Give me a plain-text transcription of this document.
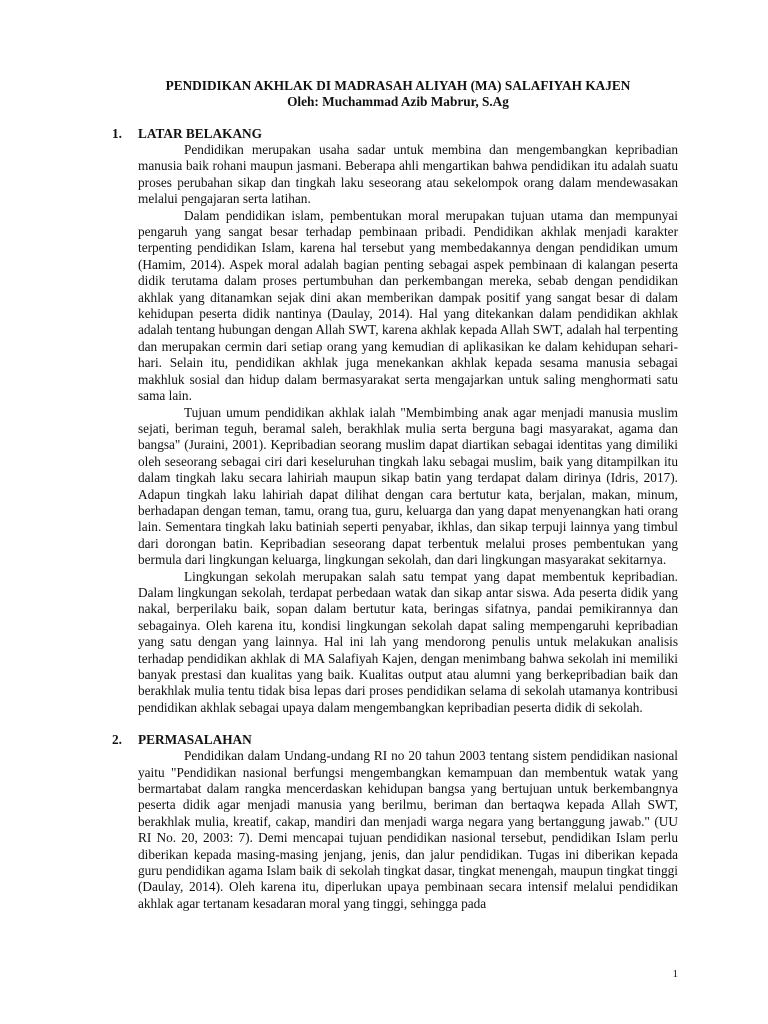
PENDIDIKAN AKHLAK DI MADRASAH ALIYAH (MA) SALAFIYAH KAJEN
Oleh: Muchammad Azib Mabrur, S.Ag
1. LATAR BELAKANG

Pendidikan merupakan usaha sadar untuk membina dan mengembangkan kepribadian manusia baik rohani maupun jasmani. Beberapa ahli mengartikan bahwa pendidikan itu adalah suatu proses perubahan sikap dan tingkah laku seseorang atau sekelompok orang dalam mendewasakan melalui pengajaran serta latihan.

Dalam pendidikan islam, pembentukan moral merupakan tujuan utama dan mempunyai pengaruh yang sangat besar terhadap pembinaan pribadi. Pendidikan akhlak menjadi karakter terpenting pendidikan Islam, karena hal tersebut yang membedakannya dengan pendidikan umum (Hamim, 2014). Aspek moral adalah bagian penting sebagai aspek pembinaan di kalangan peserta didik terutama dalam proses pertumbuhan dan perkembangan mereka, sebab dengan pendidikan akhlak yang ditanamkan sejak dini akan memberikan dampak positif yang sangat besar di dalam kehidupan peserta didik nantinya (Daulay, 2014). Hal yang ditekankan dalam pendidikan akhlak adalah tentang hubungan dengan Allah SWT, karena akhlak kepada Allah SWT, adalah hal terpenting dan merupakan cermin dari setiap orang yang kemudian di aplikasikan ke dalam kehidupan sehari-hari. Selain itu, pendidikan akhlak juga menekankan akhlak kepada sesama manusia sebagai makhluk sosial dan hidup dalam bermasyarakat serta mengajarkan untuk saling menghormati satu sama lain.

Tujuan umum pendidikan akhlak ialah "Membimbing anak agar menjadi manusia muslim sejati, beriman teguh, beramal saleh, berakhlak mulia serta berguna bagi masyarakat, agama dan bangsa" (Juraini, 2001). Kepribadian seorang muslim dapat diartikan sebagai identitas yang dimiliki oleh seseorang sebagai ciri dari keseluruhan tingkah laku sebagai muslim, baik yang ditampilkan itu dalam tingkah laku secara lahiriah maupun sikap batin yang terdapat dalam dirinya (Idris, 2017). Adapun tingkah laku lahiriah dapat dilihat dengan cara bertutur kata, berjalan, makan, minum, berhadapan dengan teman, tamu, orang tua, guru, keluarga dan yang dapat menyenangkan hati orang lain. Sementara tingkah laku batiniah seperti penyabar, ikhlas, dan sikap terpuji lainnya yang timbul dari dorongan batin. Kepribadian seseorang dapat terbentuk melalui proses pembentukan yang bermula dari lingkungan keluarga, lingkungan sekolah, dan dari lingkungan masyarakat sekitarnya.

Lingkungan sekolah merupakan salah satu tempat yang dapat membentuk kepribadian. Dalam lingkungan sekolah, terdapat perbedaan watak dan sikap antar siswa. Ada peserta didik yang nakal, berperilaku baik, sopan dalam bertutur kata, beringas sifatnya, pandai pemikirannya dan sebagainya. Oleh karena itu, kondisi lingkungan sekolah dapat saling mempengaruhi kepribadian yang satu dengan yang lainnya. Hal ini lah yang mendorong penulis untuk melakukan analisis terhadap pendidikan akhlak di MA Salafiyah Kajen, dengan menimbang bahwa sekolah ini memiliki banyak prestasi dan kualitas yang baik. Kualitas output atau alumni yang berkepribadian baik dan berakhlak mulia tentu tidak bisa lepas dari proses pendidikan selama di sekolah utamanya kontribusi pendidikan akhlak sebagai upaya dalam mengembangkan kepribadian peserta didik di sekolah.

2. PERMASALAHAN

Pendidikan dalam Undang-undang RI no 20 tahun 2003 tentang sistem pendidikan nasional yaitu "Pendidikan nasional berfungsi mengembangkan kemampuan dan membentuk watak yang bermartabat dalam rangka mencerdaskan kehidupan bangsa yang bertujuan untuk berkembangnya peserta didik agar menjadi manusia yang berilmu, beriman dan bertaqwa kepada Allah SWT, berakhlak mulia, kreatif, cakap, mandiri dan menjadi warga negara yang bertanggung jawab." (UU RI No. 20, 2003: 7). Demi mencapai tujuan pendidikan nasional tersebut, pendidikan Islam perlu diberikan kepada masing-masing jenjang, jenis, dan jalur pendidikan. Tugas ini diberikan kepada guru pendidikan agama Islam baik di sekolah tingkat dasar, tingkat menengah, maupun tingkat tinggi (Daulay, 2014). Oleh karena itu, diperlukan upaya pembinaan secara intensif melalui pendidikan akhlak agar tertanam kesadaran moral yang tinggi, sehingga pada

1
